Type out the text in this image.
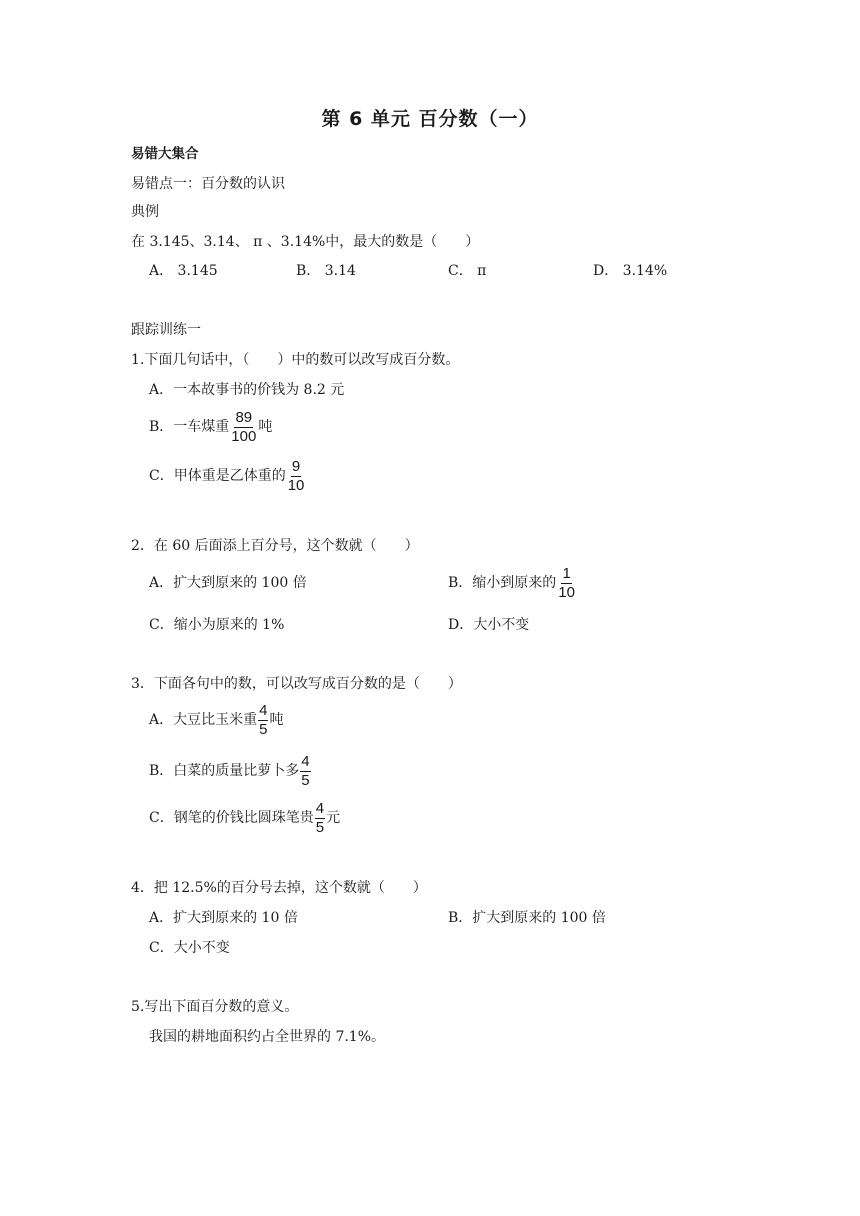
第 6 单元 百分数（一）
易错大集合
易错点一：百分数的认识
典例
在 3.145、3.14、 π 、3.14%中，最大的数是（　　）
A． 3.145	B． 3.14	C． π	D． 3.14%
跟踪训练一
1.下面几句话中，（　　）中的数可以改写成百分数。
A．一本故事书的价钱为 8.2 元
B．一车煤重 $\frac{89}{100}$ 吨
C．甲体重是乙体重的 $\frac{9}{10}$
2．在 60 后面添上百分号，这个数就（　　）
A．扩大到原来的 100 倍	B．缩小到原来的 $\frac{1}{10}$
C．缩小为原来的 1%	D．大小不变
3．下面各句中的数，可以改写成百分数的是（　　）
A．大豆比玉米重 $\frac{4}{5}$ 吨
B．白菜的质量比萝卜多 $\frac{4}{5}$
C．钢笔的价钱比圆珠笔贵 $\frac{4}{5}$ 元
4．把 12.5%的百分号去掉，这个数就（　　）
A．扩大到原来的 10 倍	B．扩大到原来的 100 倍
C．大小不变
5.写出下面百分数的意义。
我国的耕地面积约占全世界的 7.1%。
